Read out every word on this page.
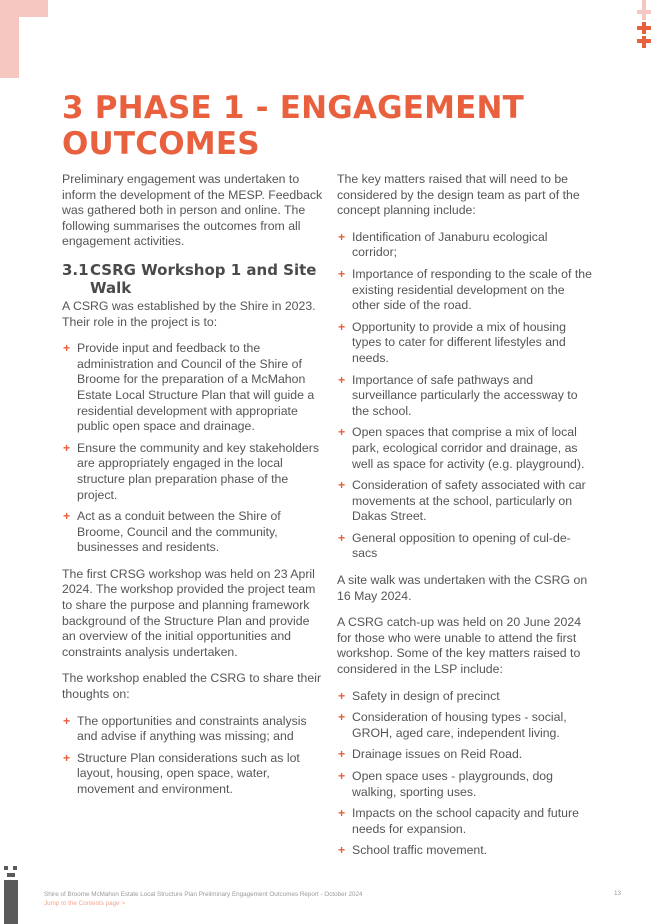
3 PHASE 1 - ENGAGEMENT OUTCOMES

Preliminary engagement was undertaken to inform the development of the MESP. Feedback was gathered both in person and online. The following summarises the outcomes from all engagement activities.

3.1 CSRG Workshop 1 and Site Walk

A CSRG was established by the Shire in 2023. Their role in the project is to:

+ Provide input and feedback to the administration and Council of the Shire of Broome for the preparation of a McMahon Estate Local Structure Plan that will guide a residential development with appropriate public open space and drainage.
+ Ensure the community and key stakeholders are appropriately engaged in the local structure plan preparation phase of the project.
+ Act as a conduit between the Shire of Broome, Council and the community, businesses and residents.

The first CRSG workshop was held on 23 April 2024. The workshop provided the project team to share the purpose and planning framework background of the Structure Plan and provide an overview of the initial opportunities and constraints analysis undertaken.

The workshop enabled the CSRG to share their thoughts on:

+ The opportunities and constraints analysis and advise if anything was missing; and
+ Structure Plan considerations such as lot layout, housing, open space, water, movement and environment.

The key matters raised that will need to be considered by the design team as part of the concept planning include:

+ Identification of Janaburu ecological corridor;
+ Importance of responding to the scale of the existing residential development on the other side of the road.
+ Opportunity to provide a mix of housing types to cater for different lifestyles and needs.
+ Importance of safe pathways and surveillance particularly the accessway to the school.
+ Open spaces that comprise a mix of local park, ecological corridor and drainage, as well as space for activity (e.g. playground).
+ Consideration of safety associated with car movements at the school, particularly on Dakas Street.
+ General opposition to opening of cul-de-sacs

A site walk was undertaken with the CSRG on 16 May 2024.

A CSRG catch-up was held on 20 June 2024 for those who were unable to attend the first workshop. Some of the key matters raised to considered in the LSP include:

+ Safety in design of precinct
+ Consideration of housing types - social, GROH, aged care, independent living.
+ Drainage issues on Reid Road.
+ Open space uses - playgrounds, dog walking, sporting uses.
+ Impacts on the school capacity and future needs for expansion.
+ School traffic movement.
Shire of Broome McMahon Estate Local Structure Plan Preliminary Engagement Outcomes Report - October 2024
Jump to the Contents page >
13
